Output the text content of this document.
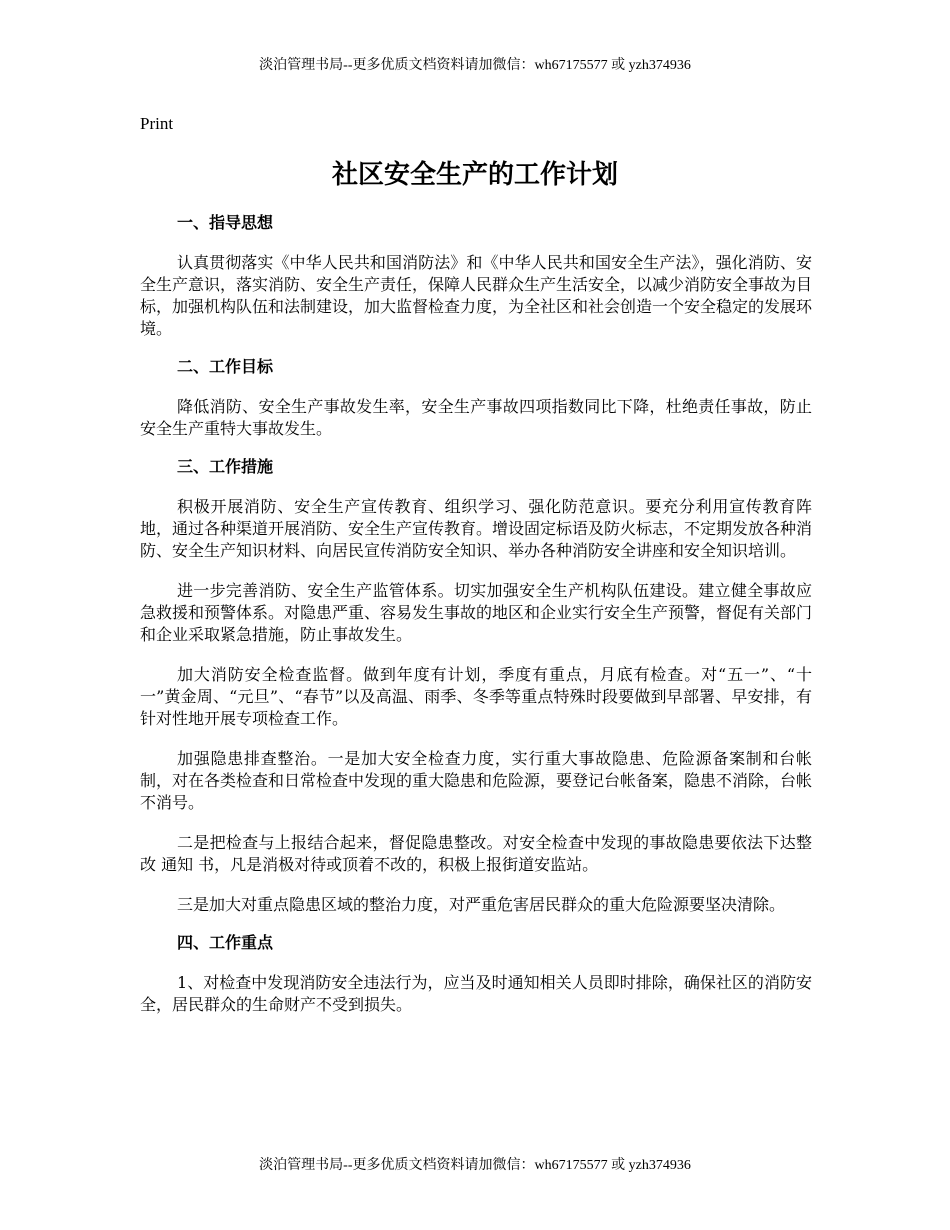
淡泊管理书局--更多优质文档资料请加微信：wh67175577 或 yzh374936
Print
社区安全生产的工作计划
一、指导思想

认真贯彻落实《中华人民共和国消防法》和《中华人民共和国安全生产法》，强化消防、安全生产意识，落实消防、安全生产责任，保障人民群众生产生活安全，以减少消防安全事故为目标，加强机构队伍和法制建设，加大监督检查力度，为全社区和社会创造一个安全稳定的发展环境。

二、工作目标

降低消防、安全生产事故发生率，安全生产事故四项指数同比下降，杜绝责任事故，防止安全生产重特大事故发生。

三、工作措施

积极开展消防、安全生产宣传教育、组织学习、强化防范意识。要充分利用宣传教育阵地，通过各种渠道开展消防、安全生产宣传教育。增设固定标语及防火标志，不定期发放各种消防、安全生产知识材料、向居民宣传消防安全知识、举办各种消防安全讲座和安全知识培训。

进一步完善消防、安全生产监管体系。切实加强安全生产机构队伍建设。建立健全事故应急救援和预警体系。对隐患严重、容易发生事故的地区和企业实行安全生产预警，督促有关部门和企业采取紧急措施，防止事故发生。

加大消防安全检查监督。做到年度有计划，季度有重点，月底有检查。对“五一”、“十一”黄金周、“元旦”、“春节”以及高温、雨季、冬季等重点特殊时段要做到早部署、早安排，有针对性地开展专项检查工作。

加强隐患排查整治。一是加大安全检查力度，实行重大事故隐患、危险源备案制和台帐制，对在各类检查和日常检查中发现的重大隐患和危险源，要登记台帐备案，隐患不消除，台帐不消号。

二是把检查与上报结合起来，督促隐患整改。对安全检查中发现的事故隐患要依法下达整改 通知 书，凡是消极对待或顶着不改的，积极上报街道安监站。

三是加大对重点隐患区域的整治力度，对严重危害居民群众的重大危险源要坚决清除。

四、工作重点

1、对检查中发现消防安全违法行为，应当及时通知相关人员即时排除，确保社区的消防安全，居民群众的生命财产不受到损失。

淡泊管理书局--更多优质文档资料请加微信：wh67175577 或 yzh374936
